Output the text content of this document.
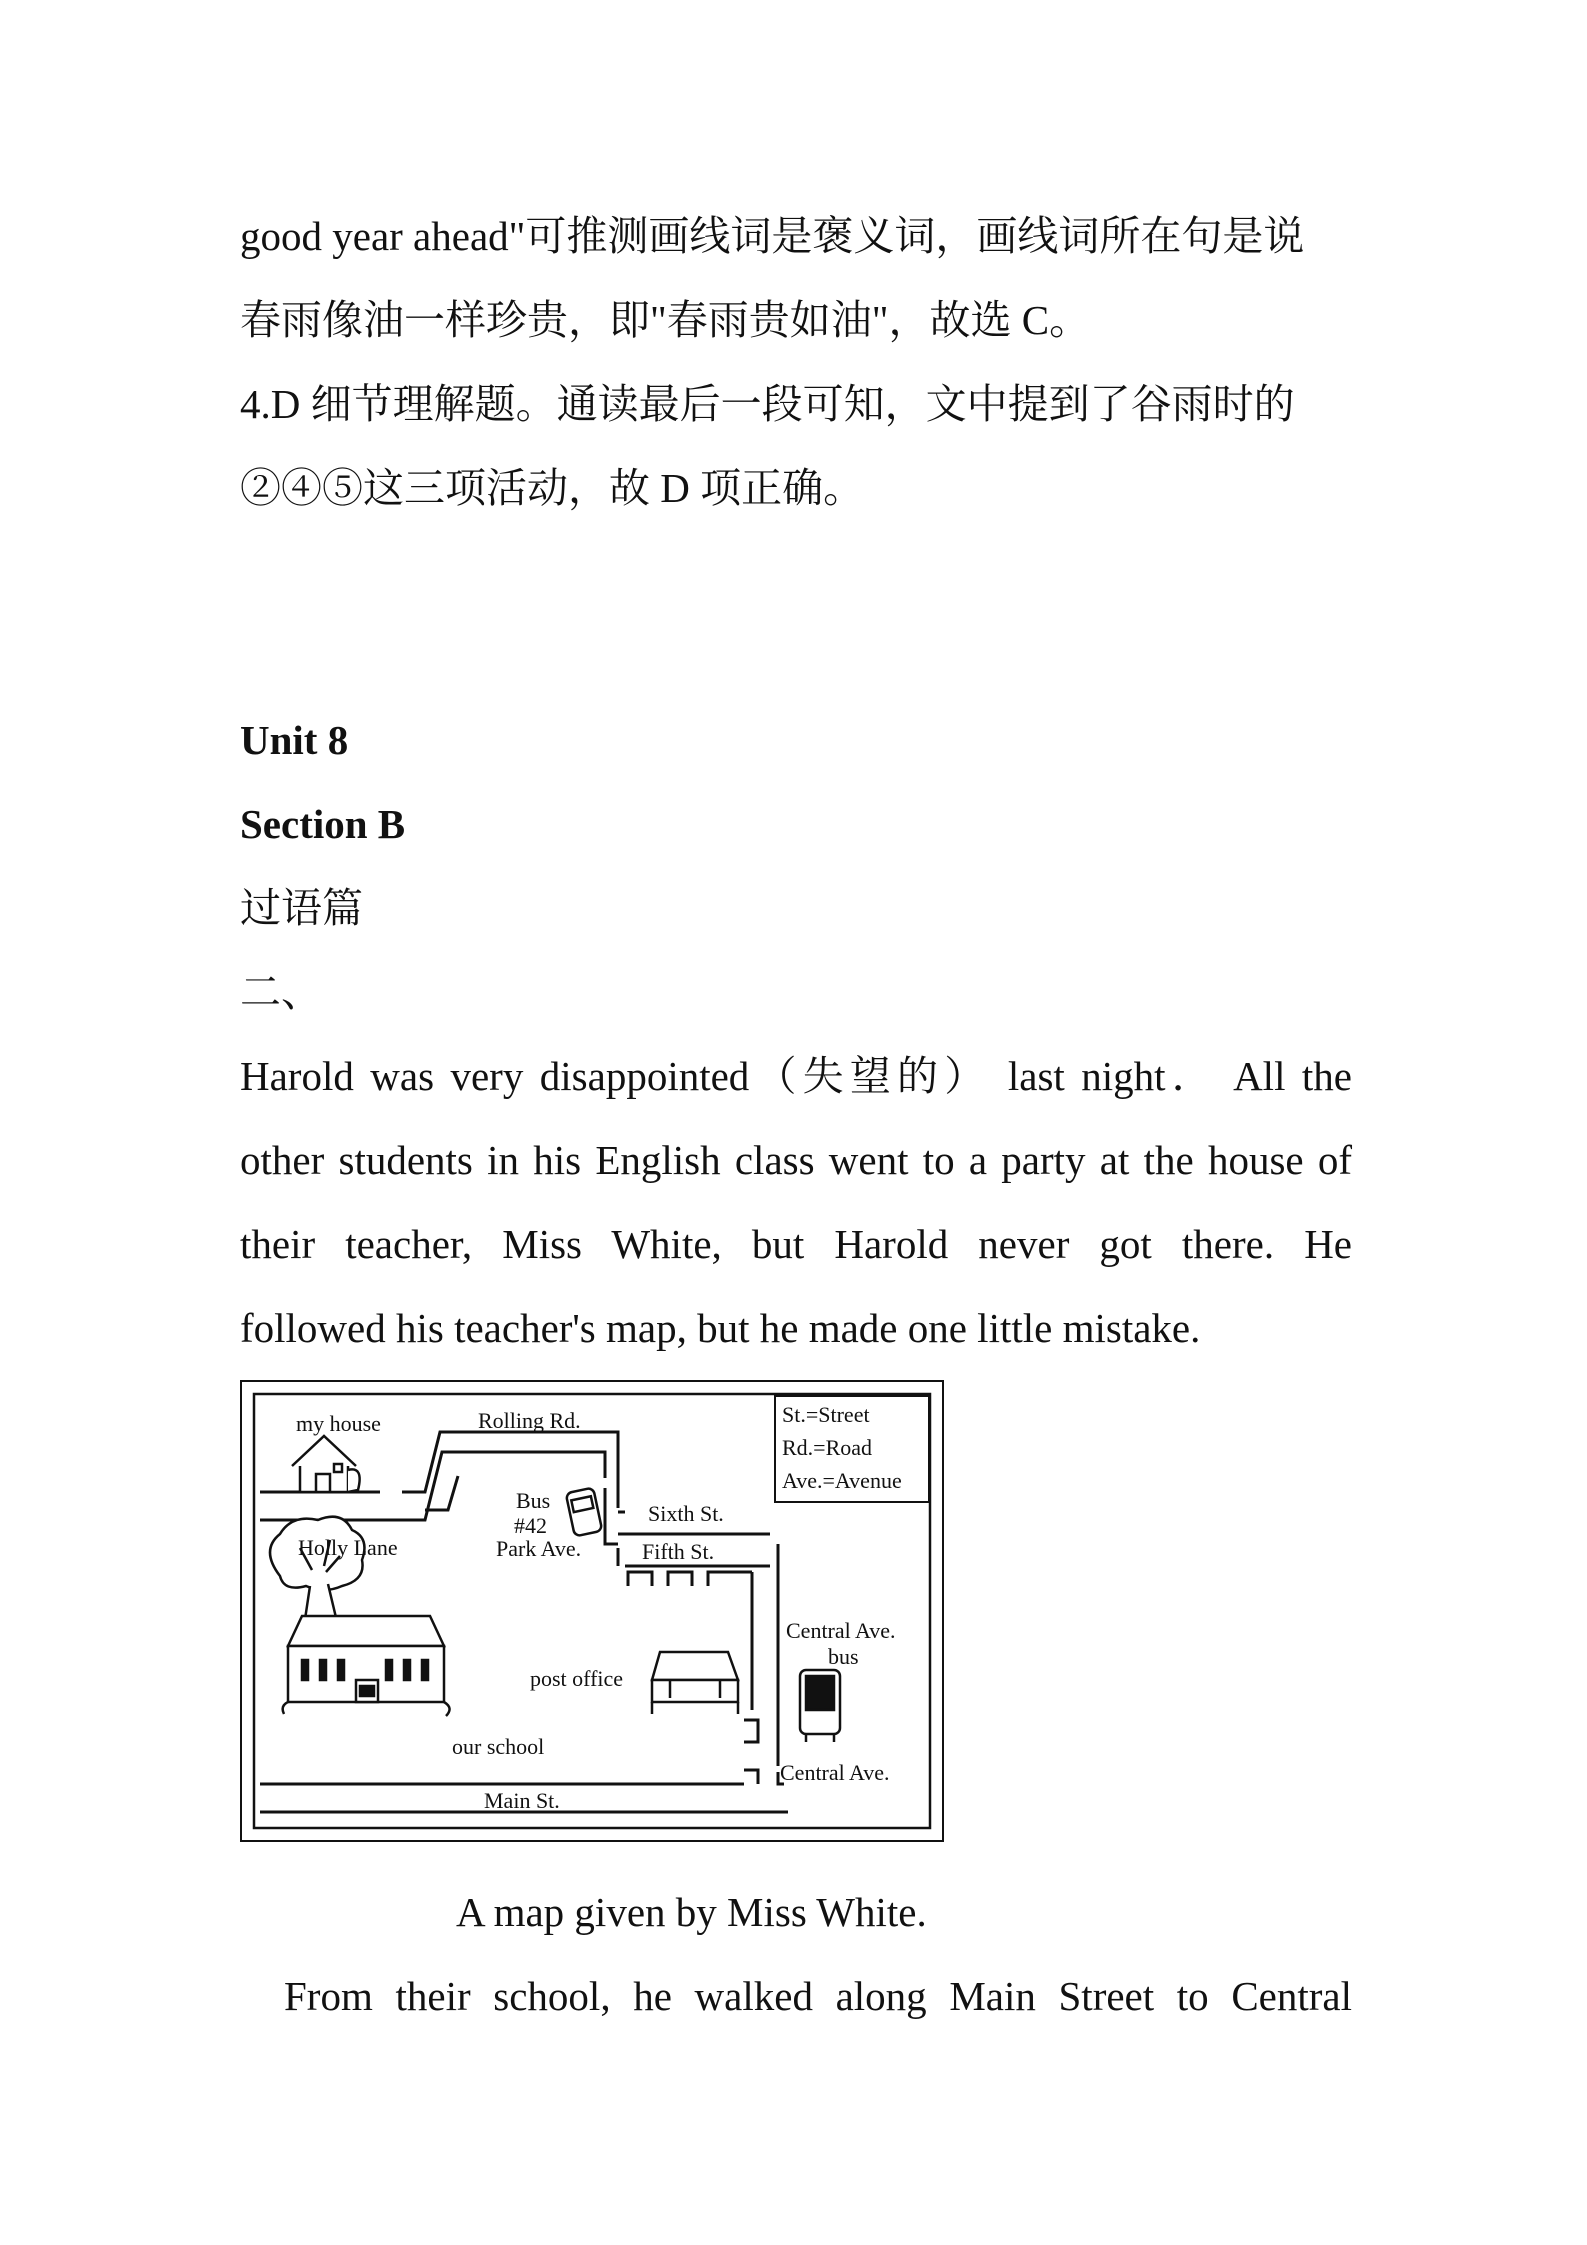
good year ahead"可推测画线词是褒义词，画线词所在句是说
春雨像油一样珍贵，即"春雨贵如油"，故选 C。
4.D 细节理解题。通读最后一段可知，文中提到了谷雨时的
②④⑤这三项活动，故 D 项正确。
Unit 8
Section B
过语篇
二、
Harold was very disappointed（失望的） last night． All the
other students in his English class went to a party at the house of
their teacher, Miss White, but Harold never got there. He
followed his teacher's map, but he made one little mistake.
St.=Street
Rd.=Road
Ave.=Avenue
my house	Rolling Rd.
Holly Lane
Bus
#42
Park Ave.
Sixth St.
Fifth St.
Central Ave.
bus
post office
our school
Central Ave.
Main St.
A map given by Miss White.
From their school, he walked along Main Street to Central
